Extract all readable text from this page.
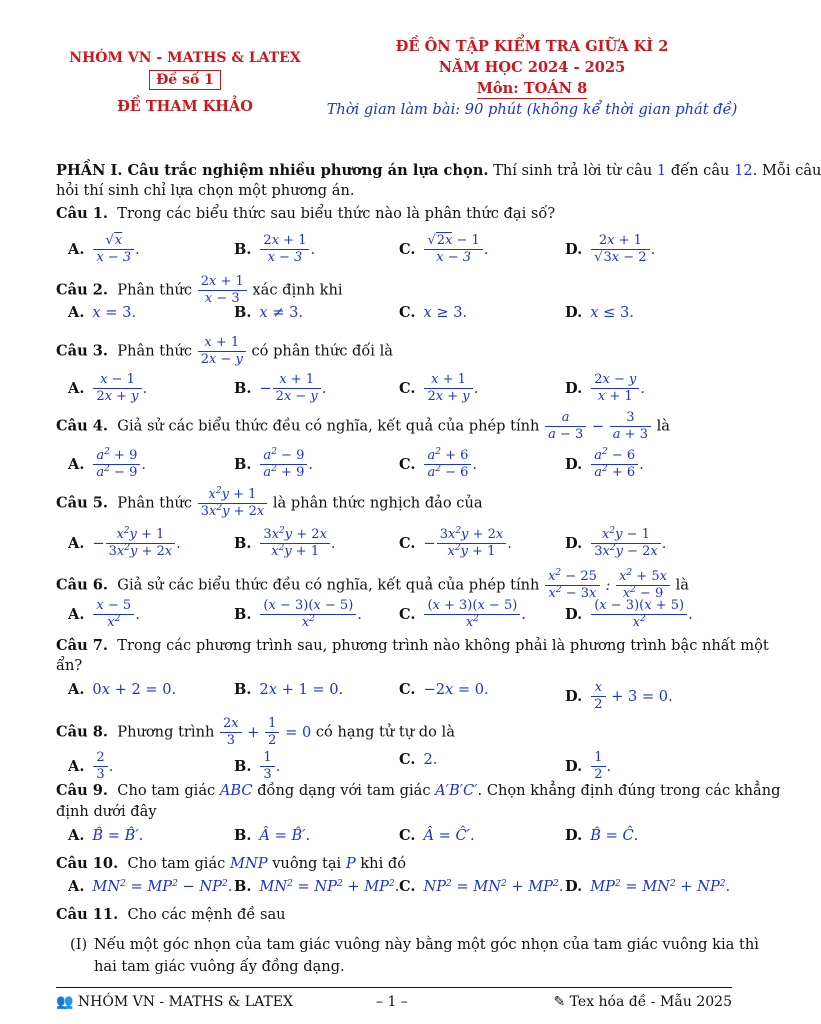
NHÓM VN - MATHS & LATEX
Đề số 1
ĐỀ THAM KHẢO
ĐỀ ÔN TẬP KIỂM TRA GIỮA KÌ 2
NĂM HỌC 2024 - 2025
Môn: TOÁN 8
Thời gian làm bài: 90 phút (không kể thời gian phát đề)
PHẦN I. Câu trắc nghiệm nhiều phương án lựa chọn. Thí sinh trả lời từ câu 1 đến câu 12. Mỗi câu
hỏi thí sinh chỉ lựa chọn một phương án.
Câu 1. Trong các biểu thức sau biểu thức nào là phân thức đại số?
A. $\frac{√x}{x - 3}$ .	B. $\frac{2x + 1}{x - 3}$ .	C. $\frac{√2x - 1}{x - 3}$ .	D. $\frac{2x + 1}{√3x - 2}$ .
Câu 2. Phân thức $\frac{2x + 1}{x - 3}$ xác định khi
A. x = 3.	B. x ≠ 3.	C. x ≥ 3.	D. x ≤ 3.
Câu 3. Phân thức $\frac{x + 1}{2x - y}$ có phân thức đối là
A. $\frac{x - 1}{2x + y}$ .	B. − $\frac{x + 1}{2x - y}$ .	C. $\frac{x + 1}{2x + y}$ .	D. $\frac{2x - y}{x + 1}$ .
Câu 4. Giả sử các biểu thức đều có nghĩa, kết quả của phép tính $\frac{a}{a - 3} - \frac{3}{a + 3}$ là
A. $\frac{a^2 + 9}{a^2 - 9}$ .	B. $\frac{a^2 - 9}{a^2 + 9}$ .	C. $\frac{a^2 + 6}{a^2 - 6}$ .	D. $\frac{a^2 - 6}{a^2 + 6}$ .
Câu 5. Phân thức $\frac{x^2y + 1}{3x^2y + 2x}$ là phân thức nghịch đảo của
A. − $\frac{x^2y + 1}{3x^2y + 2x}$ .	B. $\frac{3x^2y + 2x}{x^2y + 1}$ .	C. − $\frac{3x^2y + 2x}{x^2y + 1}$ .	D. $\frac{x^2y - 1}{3x^2y - 2x}$ .
Câu 6. Giả sử các biểu thức đều có nghĩa, kết quả của phép tính $\frac{x^2 - 25}{x^2 - 3x}$ : $\frac{x^2 + 5x}{x^2 - 9}$ là
A. $\frac{x - 5}{x^2}$ .	B. $\frac{(x - 3)(x - 5)}{x^2}$ .	C. $\frac{(x + 3)(x - 5)}{x^2}$ .	D. $\frac{(x - 3)(x + 5)}{x^2}$ .
Câu 7. Trong các phương trình sau, phương trình nào không phải là phương trình bậc nhất một
ẩn?
A. 0x + 2 = 0.	B. 2x + 1 = 0.	C. −2x = 0.	D. $\frac{x}{2} + 3 = 0$.
Câu 8. Phương trình $\frac{2x}{3} + \frac{1}{2} = 0$ có hạng tử tự do là
A. $\frac{2}{3}$ .	B. $\frac{1}{3}$ .	C. 2.	D. $\frac{1}{2}$ .
Câu 9. Cho tam giác ABC đồng dạng với tam giác A′B′C′. Chọn khẳng định đúng trong các khẳng
định dưới đây
A. B̂ = B̂′.	B. Â = B̂′.	C. Â = Ĉ′.	D. B̂ = Ĉ.
Câu 10. Cho tam giác MNP vuông tại P khi đó
A. $MN^2 = MP^2 - NP^2$. B. $MN^2 = NP^2 + MP^2$. C. $NP^2 = MN^2 + MP^2$. D. $MP^2 = MN^2 + NP^2$.
Câu 11. Cho các mệnh đề sau
(I) Nếu một góc nhọn của tam giác vuông này bằng một góc nhọn của tam giác vuông kia thì
hai tam giác vuông ấy đồng dạng.
👥 NHÓM VN - MATHS & LATEX	– 1 –	✎ Tex hóa đề - Mẫu 2025
